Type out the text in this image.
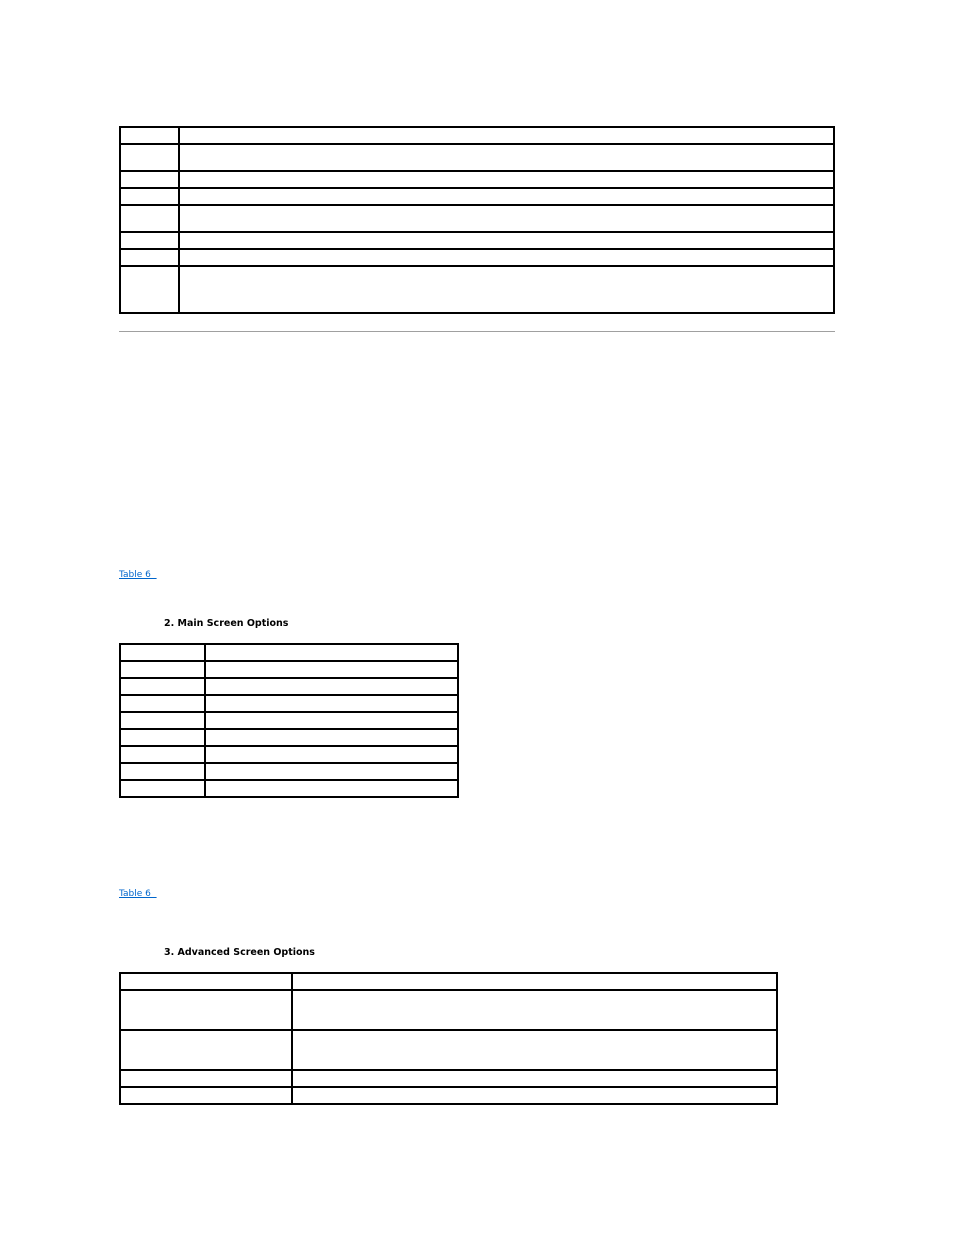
Table 6
2. Main Screen Options

Table 6
3. Advanced Screen Options
